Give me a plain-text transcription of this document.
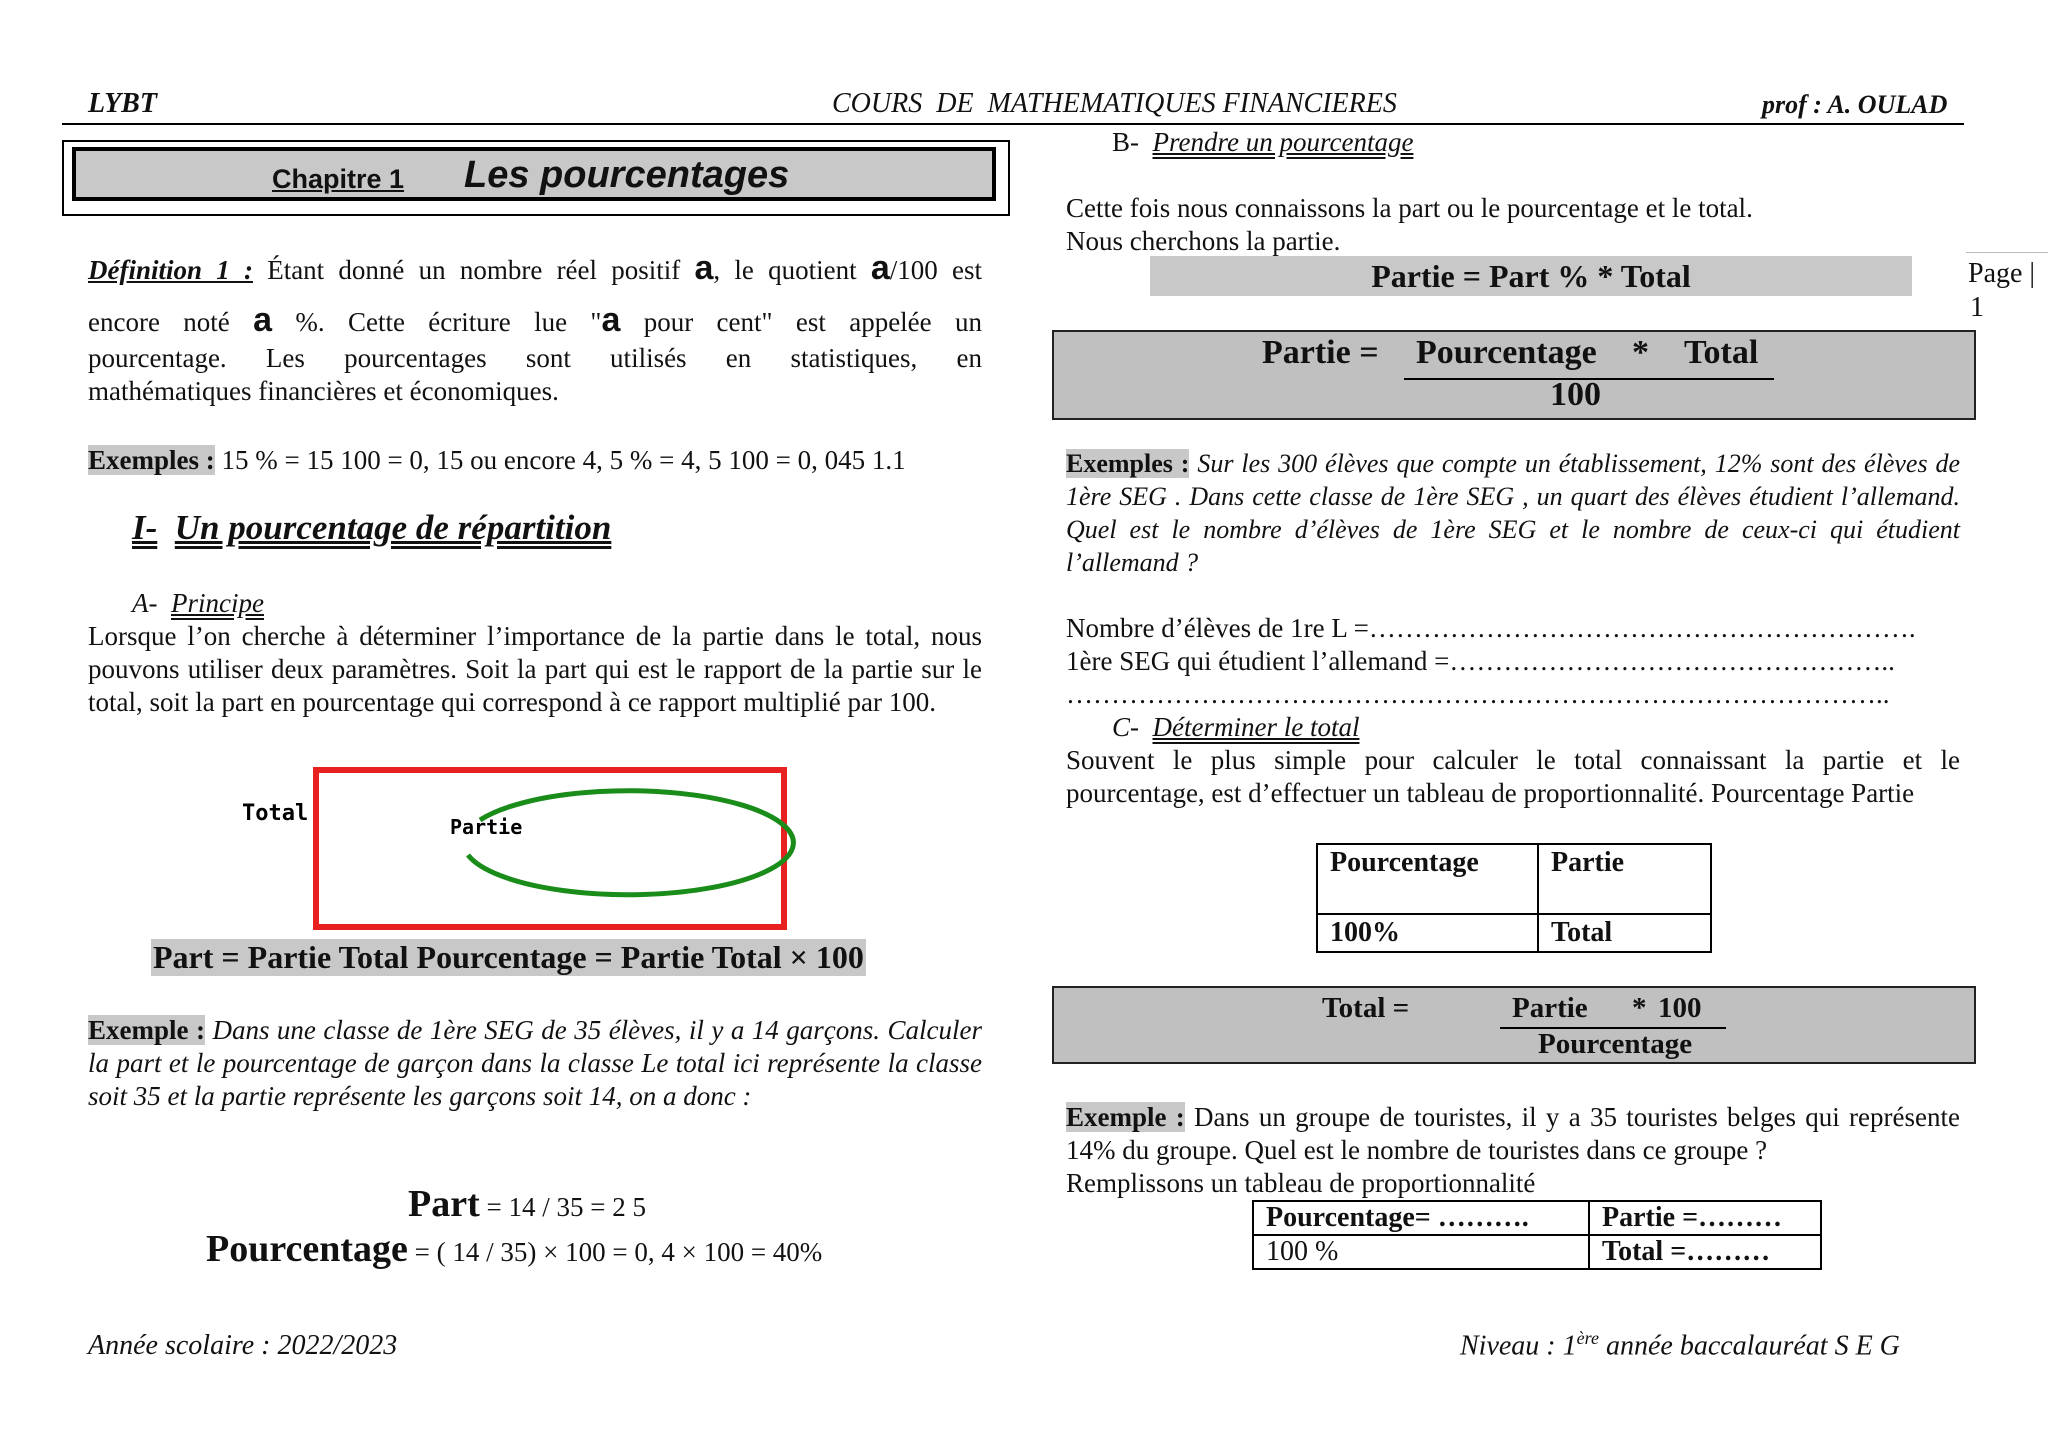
LYBT	COURS  DE  MATHEMATIQUES FINANCIERES	prof : A. OULAD
Chapitre 1 Les pourcentages
Définition 1 : Étant donné un nombre réel positif a, le quotient a/100 est
encore noté a %. Cette écriture lue "a pour cent" est appelée un
pourcentage. Les pourcentages sont utilisés en statistiques, en
mathématiques financières et économiques.
Exemples : 15 % = 15 100 = 0, 15 ou encore 4, 5 % = 4, 5 100 = 0, 045 1.1
I- Un pourcentage de répartition
A- Principe
Lorsque l’on cherche à déterminer l’importance de la partie dans le total, nous pouvons utiliser deux paramètres. Soit la part qui est le rapport de la partie sur le total, soit la part en pourcentage qui correspond à ce rapport multiplié par 100.
Total
Partie
Part = Partie Total Pourcentage = Partie Total × 100
Exemple : Dans une classe de 1ère SEG de 35 élèves, il y a 14 garçons. Calculer la part et le pourcentage de garçon dans la classe Le total ici représente la classe soit 35 et la partie représente les garçons soit 14, on a donc :
Part = 14 / 35 = 2 5
Pourcentage = ( 14 / 35) × 100 = 0, 4 × 100 = 40%
B- Prendre un pourcentage
Cette fois nous connaissons la part ou le pourcentage et le total.
Nous cherchons la partie.
Partie = Part % * Total	Page |
1
Partie = Pourcentage * Total
100
Exemples : Sur les 300 élèves que compte un établissement, 12% sont des élèves de 1ère SEG . Dans cette classe de 1ère SEG , un quart des élèves étudient l’allemand. Quel est le nombre d’élèves de 1ère SEG et le nombre de ceux-ci qui étudient l’allemand ?
Nombre d’élèves de 1re L =…………………………………………………….
1ère SEG qui étudient l’allemand =…………………………………………..
………………………………………………………………………………..
C- Déterminer le total
Souvent le plus simple pour calculer le total connaissant la partie et le pourcentage, est d’effectuer un tableau de proportionnalité. Pourcentage Partie
Pourcentage	Partie
100%	Total
Total =	Partie * 100
Pourcentage
Exemple : Dans un groupe de touristes, il y a 35 touristes belges qui représente 14% du groupe. Quel est le nombre de touristes dans ce groupe ?
Remplissons un tableau de proportionnalité
Pourcentage= ……….	Partie =………
100 %	Total =………
Année scolaire : 2022/2023	Niveau : 1ère année baccalauréat S E G
